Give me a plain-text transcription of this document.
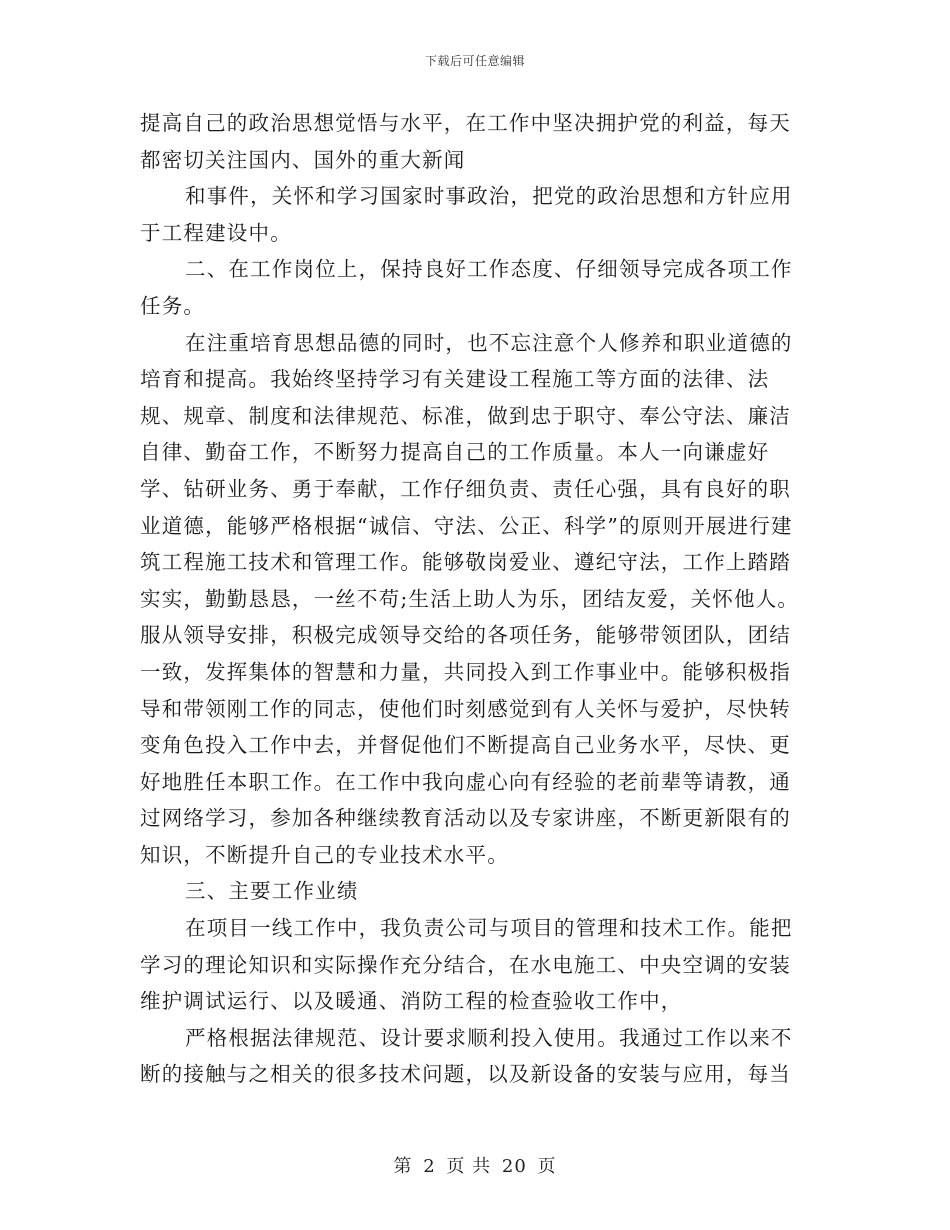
下载后可任意编辑

提高自己的政治思想觉悟与水平，在工作中坚决拥护党的利益，每天都密切关注国内、国外的重大新闻

和事件，关怀和学习国家时事政治，把党的政治思想和方针应用于工程建设中。

二、在工作岗位上，保持良好工作态度、仔细领导完成各项工作任务。

在注重培育思想品德的同时，也不忘注意个人修养和职业道德的培育和提高。我始终坚持学习有关建设工程施工等方面的法律、法规、规章、制度和法律规范、标准，做到忠于职守、奉公守法、廉洁自律、勤奋工作，不断努力提高自己的工作质量。本人一向谦虚好学、钻研业务、勇于奉献，工作仔细负责、责任心强，具有良好的职业道德，能够严格根据“诚信、守法、公正、科学”的原则开展进行建筑工程施工技术和管理工作。能够敬岗爱业、遵纪守法，工作上踏踏实实，勤勤恳恳，一丝不苟;生活上助人为乐，团结友爱，关怀他人。服从领导安排，积极完成领导交给的各项任务，能够带领团队，团结一致，发挥集体的智慧和力量，共同投入到工作事业中。能够积极指导和带领刚工作的同志，使他们时刻感觉到有人关怀与爱护，尽快转变角色投入工作中去，并督促他们不断提高自己业务水平，尽快、更好地胜任本职工作。在工作中我向虚心向有经验的老前辈等请教，通过网络学习，参加各种继续教育活动以及专家讲座，不断更新限有的知识，不断提升自己的专业技术水平。

三、主要工作业绩

在项目一线工作中，我负责公司与项目的管理和技术工作。能把学习的理论知识和实际操作充分结合，在水电施工、中央空调的安装维护调试运行、以及暖通、消防工程的检查验收工作中，

严格根据法律规范、设计要求顺利投入使用。我通过工作以来不断的接触与之相关的很多技术问题，以及新设备的安装与应用，每当

第 2 页 共 20 页
